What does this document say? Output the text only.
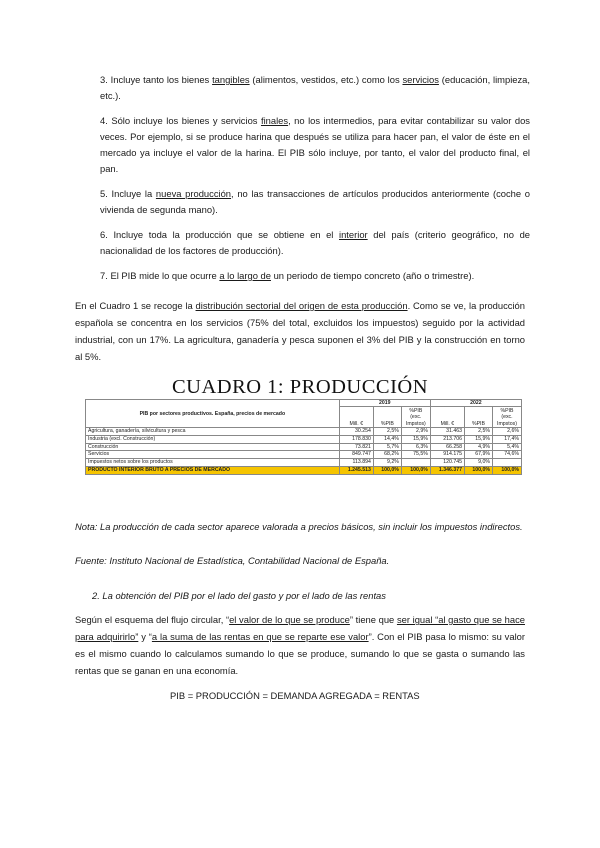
3. Incluye tanto los bienes tangibles (alimentos, vestidos, etc.) como los servicios (educación, limpieza, etc.).
4. Sólo incluye los bienes y servicios finales, no los intermedios, para evitar contabilizar su valor dos veces. Por ejemplo, si se produce harina que después se utiliza para hacer pan, el valor de éste en el mercado ya incluye el valor de la harina. El PIB sólo incluye, por tanto, el valor del producto final, el pan.
5. Incluye la nueva producción, no las transacciones de artículos producidos anteriormente (coche o vivienda de segunda mano).
6. Incluye toda la producción que se obtiene en el interior del país (criterio geográfico, no de nacionalidad de los factores de producción).
7. El PIB mide lo que ocurre a lo largo de un periodo de tiempo concreto (año o trimestre).
En el Cuadro 1 se recoge la distribución sectorial del origen de esta producción. Como se ve, la producción española se concentra en los servicios (75% del total, excluidos los impuestos) seguido por la actividad industrial, con un 17%. La agricultura, ganadería y pesca suponen el 3% del PIB y la construcción en torno al 5%.
CUADRO 1: PRODUCCIÓN
PIB por sectores productivos. España, precios de mercado	2019			2022		
	Mill. €	%PIB	%PIB (exc. Impstos)	Mill. €	%PIB	%PIB (exc. Impstos)
Agricultura, ganadería, silvicultura y pesca	30.254	2,5%	2,9%	31.463	2,5%	2,6%
Industria (excl. Construcción)	178.830	14,4%	15,9%	213.706	15,9%	17,4%
Construcción	73.821	5,7%	6,3%	66.258	4,9%	5,4%
Servicios	849.747	68,2%	75,5%	914.175	67,9%	74,6%
Impuestos netos sobre los productos	113.894	9,2%		120.745	9,0%	
PRODUCTO INTERIOR BRUTO A PRECIOS DE MERCADO	1.245.513	100,0%	100,0%	1.346.377	100,0%	100,0%
Nota: La producción de cada sector aparece valorada a precios básicos, sin incluir los impuestos indirectos.
Fuente: Instituto Nacional de Estadística, Contabilidad Nacional de España.
2. La obtención del PIB por el lado del gasto y por el lado de las rentas
Según el esquema del flujo circular, “el valor de lo que se produce” tiene que ser igual “al gasto que se hace para adquirirlo” y “a la suma de las rentas en que se reparte ese valor”. Con el PIB pasa lo mismo: su valor es el mismo cuando lo calculamos sumando lo que se produce, sumando lo que se gasta o sumando las rentas que se ganan en una economía.
PIB = PRODUCCIÓN = DEMANDA AGREGADA = RENTAS
